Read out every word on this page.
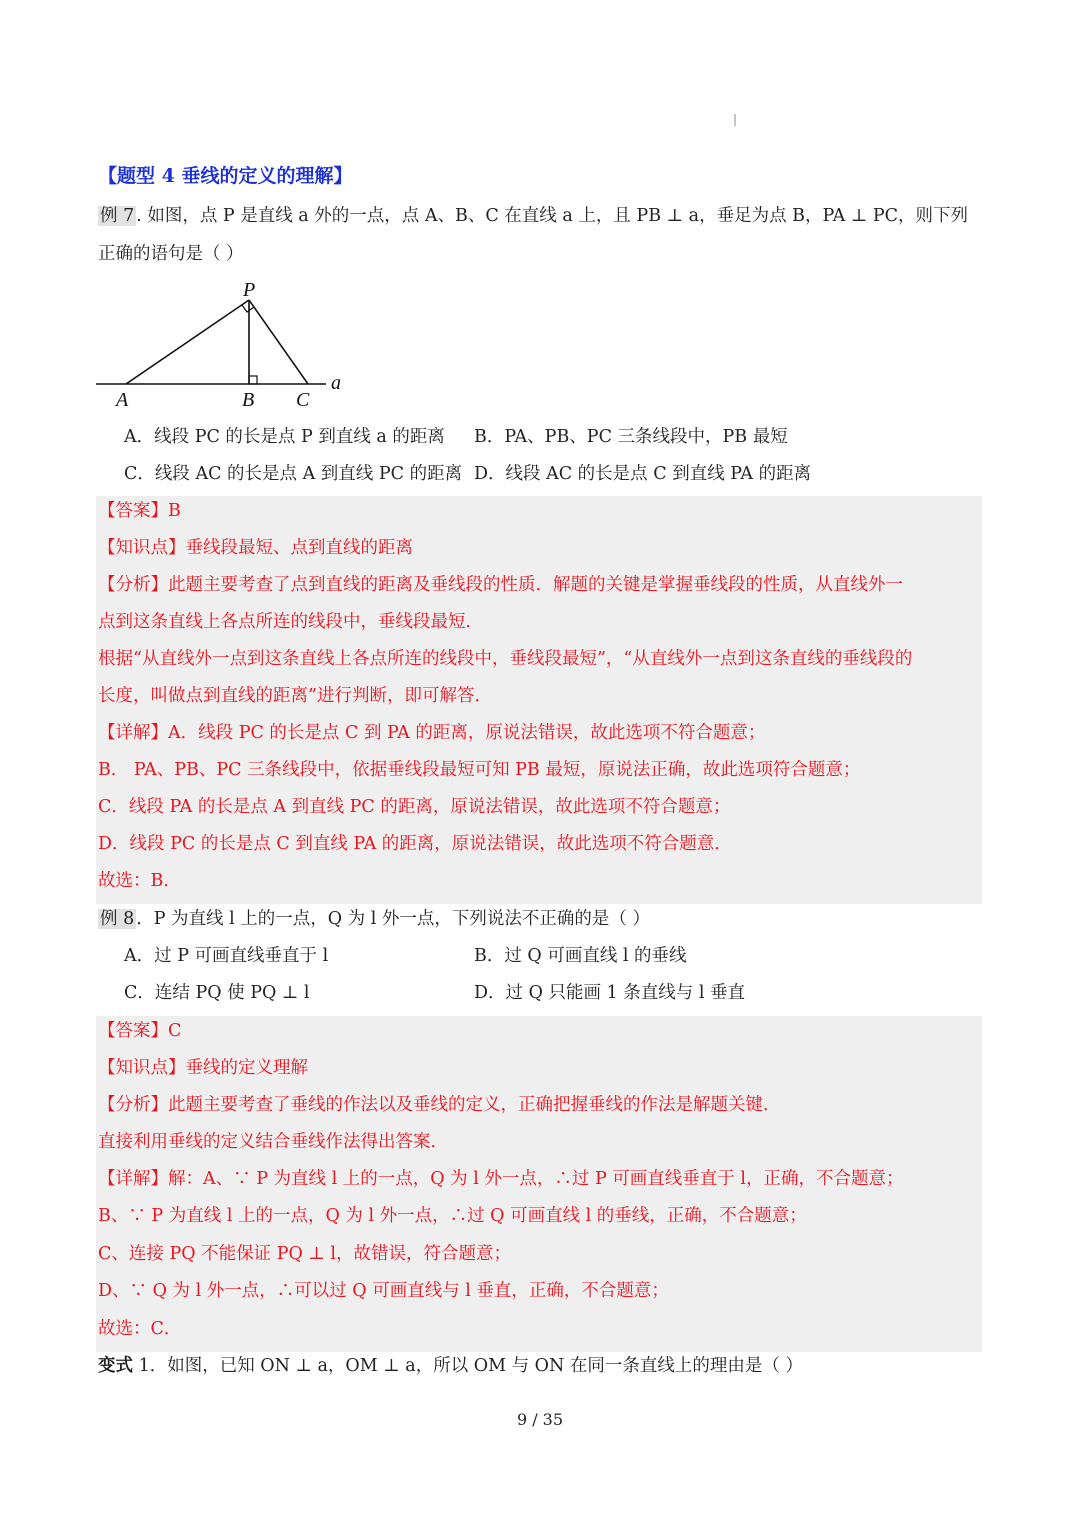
|
【题型 4 垂线的定义的理解】
例 7 . 如图，点 P 是直线 a 外的一点，点 A、B、C 在直线 a 上，且 PB ⊥ a，垂足为点 B，PA ⊥ PC，则下列
正确的语句是（ ）
P
A	B C
a
A．线段 PC 的长是点 P 到直线 a 的距离 B．PA、PB、PC 三条线段中，PB 最短
C．线段 AC 的长是点 A 到直线 PC 的距离 D．线段 AC 的长是点 C 到直线 PA 的距离
【答案】B
【知识点】垂线段最短、点到直线的距离
【分析】此题主要考查了点到直线的距离及垂线段的性质．解题的关键是掌握垂线段的性质，从直线外一
点到这条直线上各点所连的线段中，垂线段最短．
根据“从直线外一点到这条直线上各点所连的线段中，垂线段最短”，“从直线外一点到这条直线的垂线段的
长度，叫做点到直线的距离”进行判断，即可解答．
【详解】A．线段 PC 的长是点 C 到 PA 的距离，原说法错误，故此选项不符合题意；
B． PA、PB、PC 三条线段中，依据垂线段最短可知 PB 最短，原说法正确，故此选项符合题意；
C．线段 PA 的长是点 A 到直线 PC 的距离，原说法错误，故此选项不符合题意；
D．线段 PC 的长是点 C 到直线 PA 的距离，原说法错误，故此选项不符合题意．
故选：B．
例 8 ．P 为直线 l 上的一点，Q 为 l 外一点，下列说法不正确的是（ ）
A．过 P 可画直线垂直于 l	B．过 Q 可画直线 l 的垂线
C．连结 PQ 使 PQ ⊥ l	D．过 Q 只能画 1 条直线与 l 垂直
【答案】C
【知识点】垂线的定义理解
【分析】此题主要考查了垂线的作法以及垂线的定义，正确把握垂线的作法是解题关键．
直接利用垂线的定义结合垂线作法得出答案．
【详解】解：A、∵ P 为直线 l 上的一点，Q 为 l 外一点，∴过 P 可画直线垂直于 l，正确，不合题意；
B、∵ P 为直线 l 上的一点，Q 为 l 外一点，∴过 Q 可画直线 l 的垂线，正确，不合题意；
C、连接 PQ 不能保证 PQ ⊥ l，故错误，符合题意；
D、∵ Q 为 l 外一点，∴可以过 Q 可画直线与 l 垂直，正确，不合题意；
故选：C．
变式 1．如图，已知 ON ⊥ a，OM ⊥ a，所以 OM 与 ON 在同一条直线上的理由是（ ）
9 / 35
